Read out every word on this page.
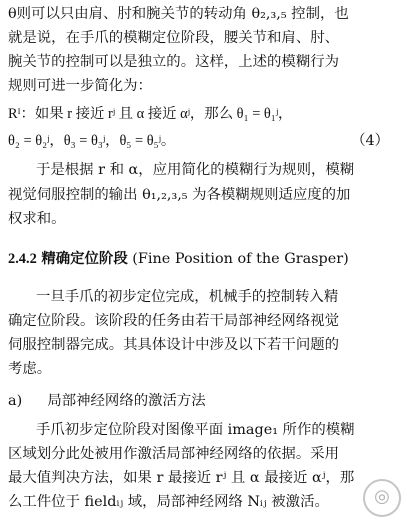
θ则可以只由肩、肘和腕关节的转动角 θ₂,₃,₅ 控制，也
就是说，在手爪的模糊定位阶段，腰关节和肩、肘、
腕关节的控制可以是独立的。这样，上述的模糊行为
规则可进一步简化为：
Rᴵ：如果 r 接近 rʲ 且 α 接近 αʲ，那么 θ₁ = θ₁ʲ，
θ₂ = θ₂ʲ，θ₃ = θ₃ʲ，θ₅ = θ₅ʲ。	（4）
于是根据 r 和 α，应用简化的模糊行为规则，模糊
视觉伺服控制的输出 θ₁,₂,₃,₅ 为各模糊规则适应度的加
权求和。
2.4.2 精确定位阶段 (Fine Position of the Grasper)
一旦手爪的初步定位完成，机械手的控制转入精
确定位阶段。该阶段的任务由若干局部神经网络视觉
伺服控制器完成。其具体设计中涉及以下若干问题的
考虑。
a) 局部神经网络的激活方法
手爪初步定位阶段对图像平面 image₁ 所作的模糊
区域划分此处被用作激活局部神经网络的依据。采用
最大值判决方法，如果 r 最接近 rʲ 且 α 最接近 αʲ，那
么工件位于 fieldᵢⱼ 域，局部神经网络 Nᵢⱼ 被激活。	◎
